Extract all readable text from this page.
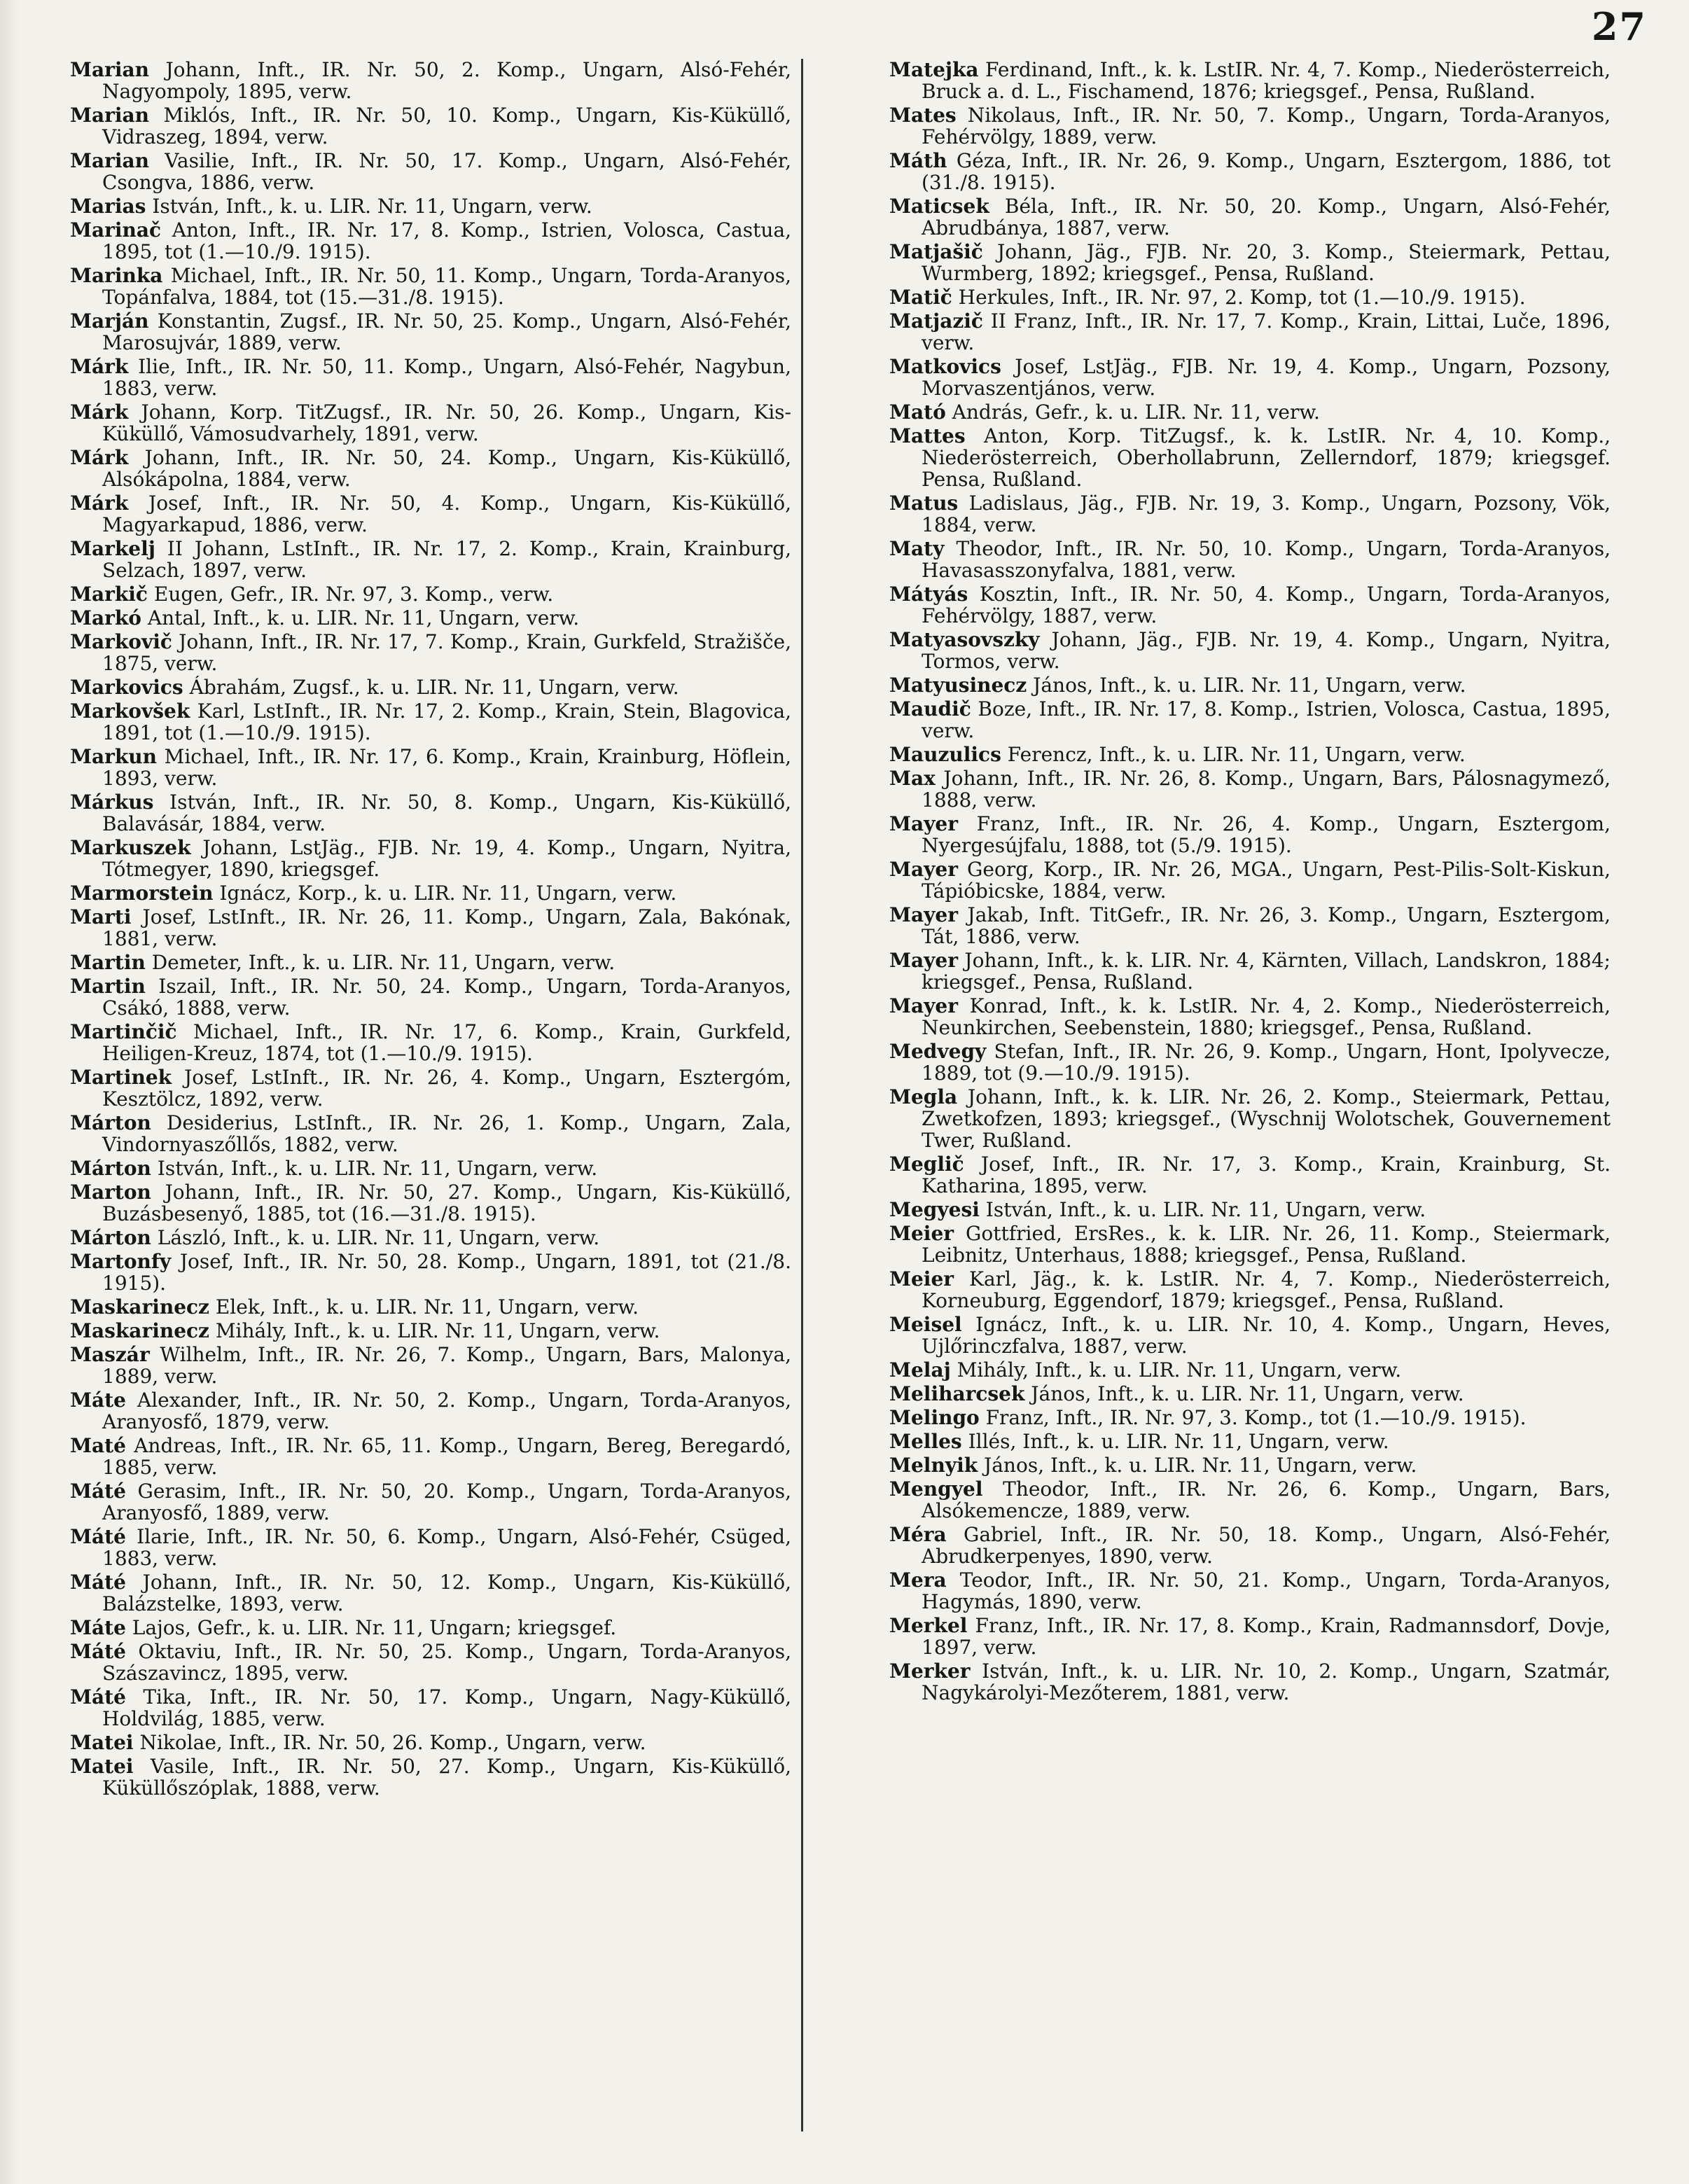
27

Marian Johann, Inft., IR. Nr. 50, 2. Komp., Ungarn, Alsó-Fehér, Nagyompoly, 1895, verw.

Marian Miklós, Inft., IR. Nr. 50, 10. Komp., Ungarn, Kis-Küküllő, Vidraszeg, 1894, verw.

Marian Vasilie, Inft., IR. Nr. 50, 17. Komp., Ungarn, Alsó-Fehér, Csongva, 1886, verw.

Marias István, Inft., k. u. LIR. Nr. 11, Ungarn, verw.

Marinač Anton, Inft., IR. Nr. 17, 8. Komp., Istrien, Volosca, Castua, 1895, tot (1.—10./9. 1915).

Marinka Michael, Inft., IR. Nr. 50, 11. Komp., Ungarn, Torda-Aranyos, Topánfalva, 1884, tot (15.—31./8. 1915).

Marján Konstantin, Zugsf., IR. Nr. 50, 25. Komp., Ungarn, Alsó-Fehér, Marosujvár, 1889, verw.

Márk Ilie, Inft., IR. Nr. 50, 11. Komp., Ungarn, Alsó-Fehér, Nagybun, 1883, verw.

Márk Johann, Korp. TitZugsf., IR. Nr. 50, 26. Komp., Ungarn, Kis-Küküllő, Vámosudvarhely, 1891, verw.

Márk Johann, Inft., IR. Nr. 50, 24. Komp., Ungarn, Kis-Küküllő, Alsókápolna, 1884, verw.

Márk Josef, Inft., IR. Nr. 50, 4. Komp., Ungarn, Kis-Küküllő, Magyarkapud, 1886, verw.

Markelj II Johann, LstInft., IR. Nr. 17, 2. Komp., Krain, Krainburg, Selzach, 1897, verw.

Markič Eugen, Gefr., IR. Nr. 97, 3. Komp., verw.

Markó Antal, Inft., k. u. LIR. Nr. 11, Ungarn, verw.

Markovič Johann, Inft., IR. Nr. 17, 7. Komp., Krain, Gurkfeld, Stražišče, 1875, verw.

Markovics Ábrahám, Zugsf., k. u. LIR. Nr. 11, Ungarn, verw.

Markovšek Karl, LstInft., IR. Nr. 17, 2. Komp., Krain, Stein, Blagovica, 1891, tot (1.—10./9. 1915).

Markun Michael, Inft., IR. Nr. 17, 6. Komp., Krain, Krainburg, Höflein, 1893, verw.

Márkus István, Inft., IR. Nr. 50, 8. Komp., Ungarn, Kis-Küküllő, Balavásár, 1884, verw.

Markuszek Johann, LstJäg., FJB. Nr. 19, 4. Komp., Ungarn, Nyitra, Tótmegyer, 1890, kriegsgef.

Marmorstein Ignácz, Korp., k. u. LIR. Nr. 11, Ungarn, verw.

Marti Josef, LstInft., IR. Nr. 26, 11. Komp., Ungarn, Zala, Bakónak, 1881, verw.

Martin Demeter, Inft., k. u. LIR. Nr. 11, Ungarn, verw.

Martin Iszail, Inft., IR. Nr. 50, 24. Komp., Ungarn, Torda-Aranyos, Csákó, 1888, verw.

Martinčič Michael, Inft., IR. Nr. 17, 6. Komp., Krain, Gurkfeld, Heiligen-Kreuz, 1874, tot (1.—10./9. 1915).

Martinek Josef, LstInft., IR. Nr. 26, 4. Komp., Ungarn, Esztergóm, Kesztölcz, 1892, verw.

Márton Desiderius, LstInft., IR. Nr. 26, 1. Komp., Ungarn, Zala, Vindornyaszőllős, 1882, verw.

Márton István, Inft., k. u. LIR. Nr. 11, Ungarn, verw.

Marton Johann, Inft., IR. Nr. 50, 27. Komp., Ungarn, Kis-Küküllő, Buzásbesenyő, 1885, tot (16.—31./8. 1915).

Márton László, Inft., k. u. LIR. Nr. 11, Ungarn, verw.

Martonfy Josef, Inft., IR. Nr. 50, 28. Komp., Ungarn, 1891, tot (21./8. 1915).

Maskarinecz Elek, Inft., k. u. LIR. Nr. 11, Ungarn, verw.

Maskarinecz Mihály, Inft., k. u. LIR. Nr. 11, Ungarn, verw.

Maszár Wilhelm, Inft., IR. Nr. 26, 7. Komp., Ungarn, Bars, Malonya, 1889, verw.

Máte Alexander, Inft., IR. Nr. 50, 2. Komp., Ungarn, Torda-Aranyos, Aranyosfő, 1879, verw.

Maté Andreas, Inft., IR. Nr. 65, 11. Komp., Ungarn, Bereg, Beregardó, 1885, verw.

Máté Gerasim, Inft., IR. Nr. 50, 20. Komp., Ungarn, Torda-Aranyos, Aranyosfő, 1889, verw.

Máté Ilarie, Inft., IR. Nr. 50, 6. Komp., Ungarn, Alsó-Fehér, Csüged, 1883, verw.

Máté Johann, Inft., IR. Nr. 50, 12. Komp., Ungarn, Kis-Küküllő, Balázstelke, 1893, verw.

Máte Lajos, Gefr., k. u. LIR. Nr. 11, Ungarn; kriegsgef.

Máté Oktaviu, Inft., IR. Nr. 50, 25. Komp., Ungarn, Torda-Aranyos, Szászavincz, 1895, verw.

Máté Tika, Inft., IR. Nr. 50, 17. Komp., Ungarn, Nagy-Küküllő, Holdvilág, 1885, verw.

Matei Nikolae, Inft., IR. Nr. 50, 26. Komp., Ungarn, verw.

Matei Vasile, Inft., IR. Nr. 50, 27. Komp., Ungarn, Kis-Küküllő, Küküllőszóplak, 1888, verw.

Matejka Ferdinand, Inft., k. k. LstIR. Nr. 4, 7. Komp., Niederösterreich, Bruck a. d. L., Fischamend, 1876; kriegsgef., Pensa, Rußland.

Mates Nikolaus, Inft., IR. Nr. 50, 7. Komp., Ungarn, Torda-Aranyos, Fehérvölgy, 1889, verw.

Máth Géza, Inft., IR. Nr. 26, 9. Komp., Ungarn, Esztergom, 1886, tot (31./8. 1915).

Maticsek Béla, Inft., IR. Nr. 50, 20. Komp., Ungarn, Alsó-Fehér, Abrudbánya, 1887, verw.

Matjašič Johann, Jäg., FJB. Nr. 20, 3. Komp., Steiermark, Pettau, Wurmberg, 1892; kriegsgef., Pensa, Rußland.

Matič Herkules, Inft., IR. Nr. 97, 2. Komp, tot (1.—10./9. 1915).

Matjazič II Franz, Inft., IR. Nr. 17, 7. Komp., Krain, Littai, Luče, 1896, verw.

Matkovics Josef, LstJäg., FJB. Nr. 19, 4. Komp., Ungarn, Pozsony, Morvaszentjános, verw.

Mató András, Gefr., k. u. LIR. Nr. 11, verw.

Mattes Anton, Korp. TitZugsf., k. k. LstIR. Nr. 4, 10. Komp., Niederösterreich, Oberhollabrunn, Zellerndorf, 1879; kriegsgef. Pensa, Rußland.

Matus Ladislaus, Jäg., FJB. Nr. 19, 3. Komp., Ungarn, Pozsony, Vök, 1884, verw.

Maty Theodor, Inft., IR. Nr. 50, 10. Komp., Ungarn, Torda-Aranyos, Havasasszonyfalva, 1881, verw.

Mátyás Kosztin, Inft., IR. Nr. 50, 4. Komp., Ungarn, Torda-Aranyos, Fehérvölgy, 1887, verw.

Matyasovszky Johann, Jäg., FJB. Nr. 19, 4. Komp., Ungarn, Nyitra, Tormos, verw.

Matyusinecz János, Inft., k. u. LIR. Nr. 11, Ungarn, verw.

Maudič Boze, Inft., IR. Nr. 17, 8. Komp., Istrien, Volosca, Castua, 1895, verw.

Mauzulics Ferencz, Inft., k. u. LIR. Nr. 11, Ungarn, verw.

Max Johann, Inft., IR. Nr. 26, 8. Komp., Ungarn, Bars, Pálosnagymező, 1888, verw.

Mayer Franz, Inft., IR. Nr. 26, 4. Komp., Ungarn, Esztergom, Nyergesújfalu, 1888, tot (5./9. 1915).

Mayer Georg, Korp., IR. Nr. 26, MGA., Ungarn, Pest-Pilis-Solt-Kiskun, Tápióbicske, 1884, verw.

Mayer Jakab, Inft. TitGefr., IR. Nr. 26, 3. Komp., Ungarn, Esztergom, Tát, 1886, verw.

Mayer Johann, Inft., k. k. LIR. Nr. 4, Kärnten, Villach, Landskron, 1884; kriegsgef., Pensa, Rußland.

Mayer Konrad, Inft., k. k. LstIR. Nr. 4, 2. Komp., Niederösterreich, Neunkirchen, Seebenstein, 1880; kriegsgef., Pensa, Rußland.

Medvegy Stefan, Inft., IR. Nr. 26, 9. Komp., Ungarn, Hont, Ipolyvecze, 1889, tot (9.—10./9. 1915).

Megla Johann, Inft., k. k. LIR. Nr. 26, 2. Komp., Steiermark, Pettau, Zwetkofzen, 1893; kriegsgef., (Wyschnij Wolotschek, Gouvernement Twer, Rußland.

Meglič Josef, Inft., IR. Nr. 17, 3. Komp., Krain, Krainburg, St. Katharina, 1895, verw.

Megyesi István, Inft., k. u. LIR. Nr. 11, Ungarn, verw.

Meier Gottfried, ErsRes., k. k. LIR. Nr. 26, 11. Komp., Steiermark, Leibnitz, Unterhaus, 1888; kriegsgef., Pensa, Rußland.

Meier Karl, Jäg., k. k. LstIR. Nr. 4, 7. Komp., Niederösterreich, Korneuburg, Eggendorf, 1879; kriegsgef., Pensa, Rußland.

Meisel Ignácz, Inft., k. u. LIR. Nr. 10, 4. Komp., Ungarn, Heves, Ujlőrinczfalva, 1887, verw.

Melaj Mihály, Inft., k. u. LIR. Nr. 11, Ungarn, verw.

Meliharcsek János, Inft., k. u. LIR. Nr. 11, Ungarn, verw.

Melingo Franz, Inft., IR. Nr. 97, 3. Komp., tot (1.—10./9. 1915).

Melles Illés, Inft., k. u. LIR. Nr. 11, Ungarn, verw.

Melnyik János, Inft., k. u. LIR. Nr. 11, Ungarn, verw.

Mengyel Theodor, Inft., IR. Nr. 26, 6. Komp., Ungarn, Bars, Alsókemencze, 1889, verw.

Méra Gabriel, Inft., IR. Nr. 50, 18. Komp., Ungarn, Alsó-Fehér, Abrudkerpenyes, 1890, verw.

Mera Teodor, Inft., IR. Nr. 50, 21. Komp., Ungarn, Torda-Aranyos, Hagymás, 1890, verw.

Merkel Franz, Inft., IR. Nr. 17, 8. Komp., Krain, Radmannsdorf, Dovje, 1897, verw.

Merker István, Inft., k. u. LIR. Nr. 10, 2. Komp., Ungarn, Szatmár, Nagykárolyi-Mezőterem, 1881, verw.
